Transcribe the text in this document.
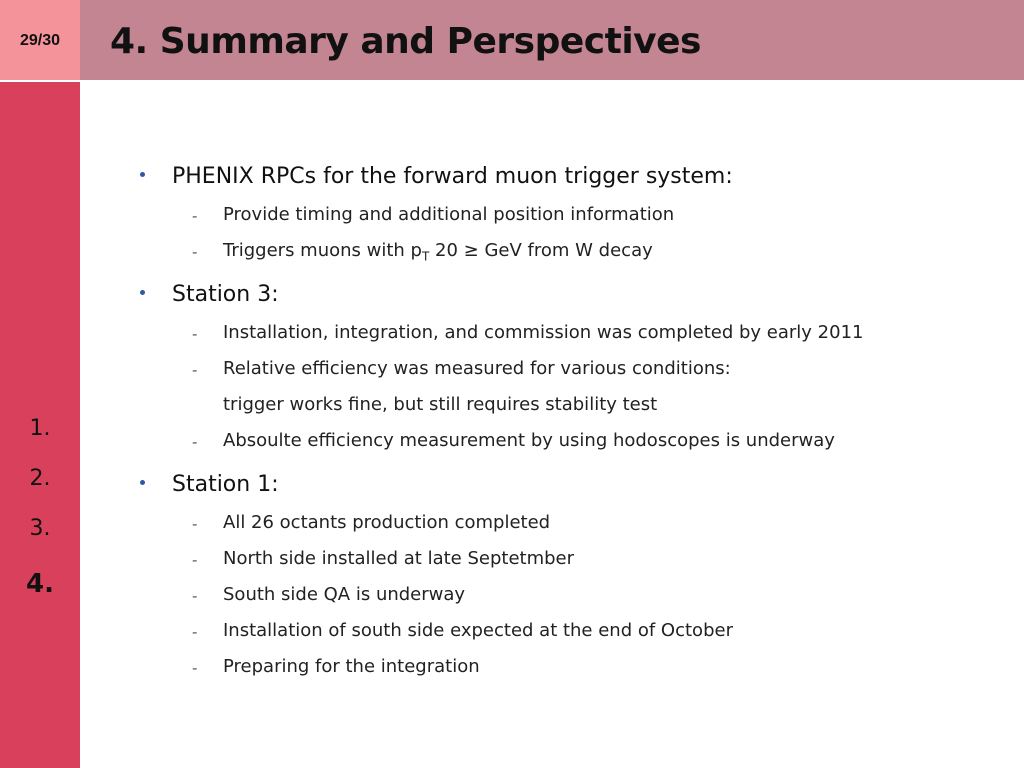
29/30	4. Summary and Perspectives
1.
2.
3.
4.
PHENIX RPCs for the forward muon trigger system:
- Provide timing and additional position information
- Triggers muons with $p_T$ 20 ≥ GeV from W decay
Station 3:
- Installation, integration, and commission was completed by early 2011
- Relative efficiency was measured for various conditions:
trigger works fine, but still requires stability test
- Absoulte efficiency measurement by using hodoscopes is underway
Station 1:
- All 26 octants production completed
- North side installed at late Septetmber
- South side QA is underway
- Installation of south side expected at the end of October
- Preparing for the integration
